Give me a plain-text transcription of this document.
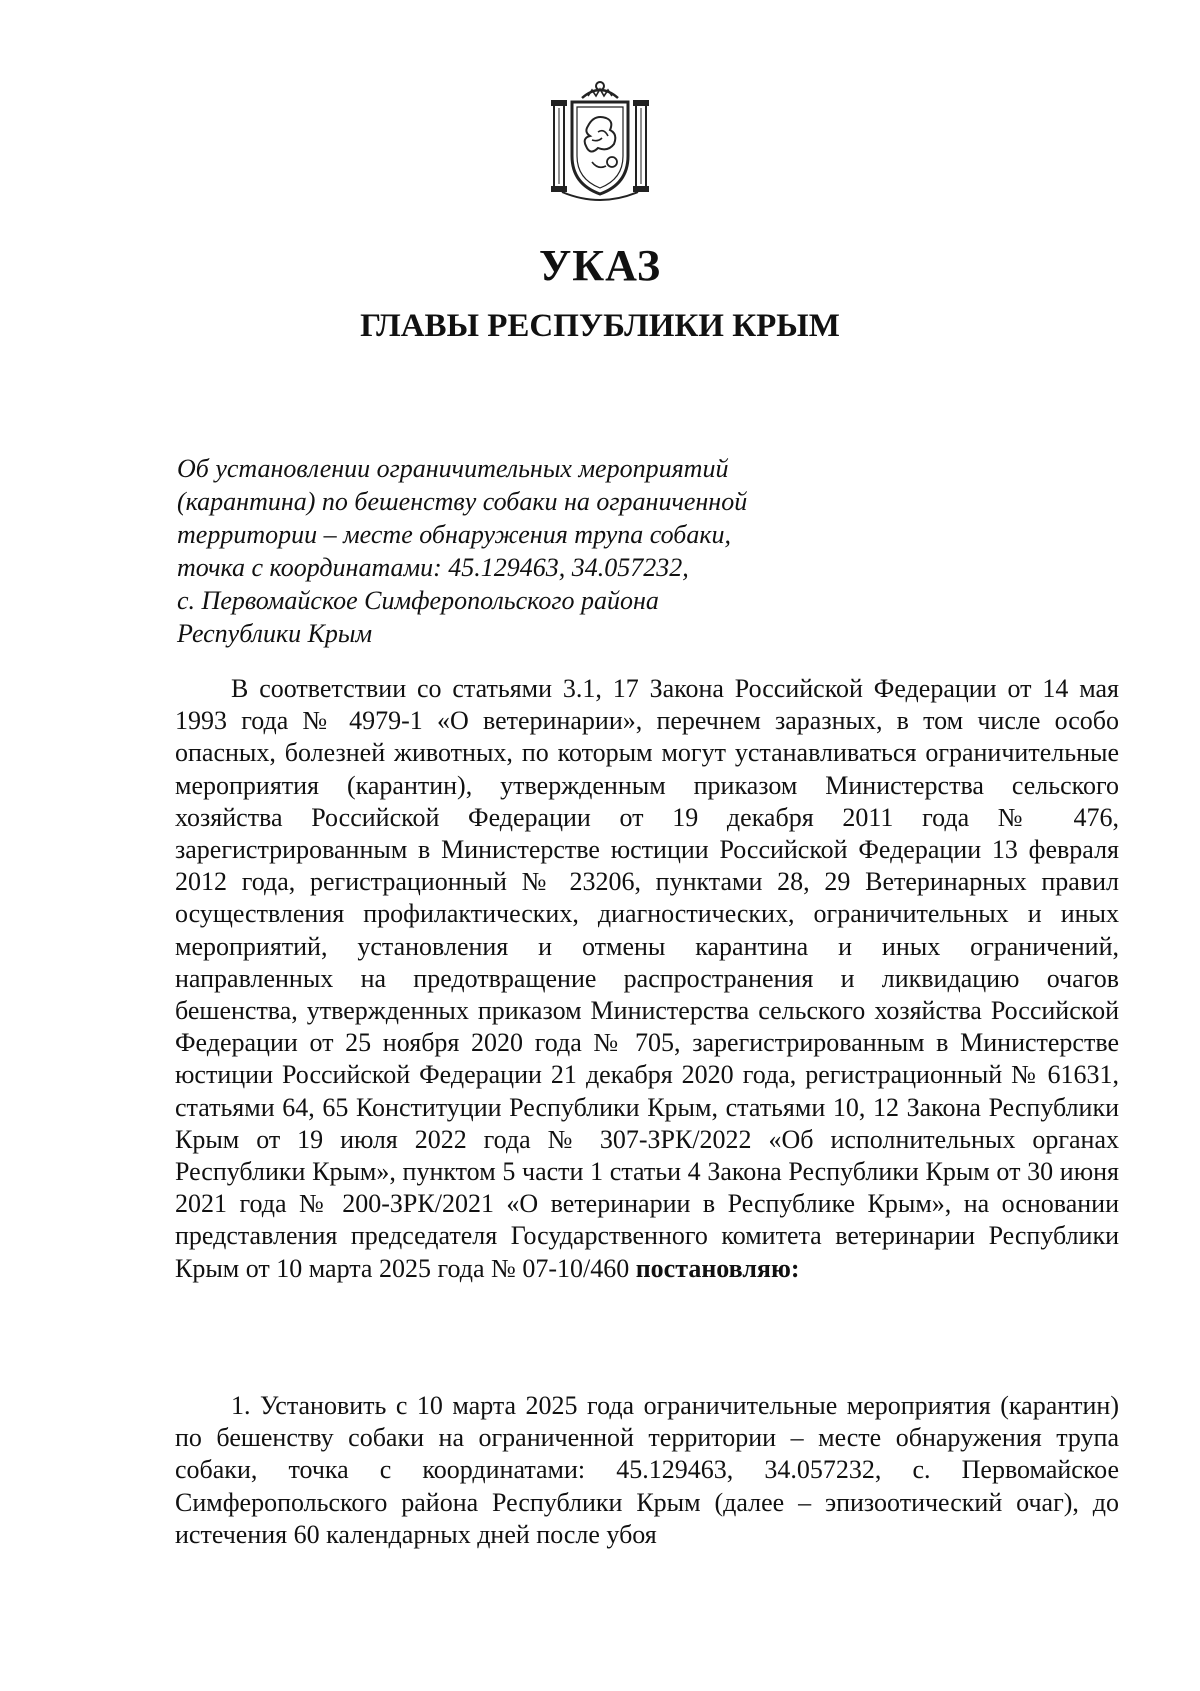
УКАЗ
ГЛАВЫ РЕСПУБЛИКИ КРЫМ
Об установлении ограничительных мероприятий
(карантина) по бешенству собаки на ограниченной
территории – месте обнаружения трупа собаки,
точка с координатами: 45.129463, 34.057232,
с. Первомайское Симферопольского района
Республики Крым

В соответствии со статьями 3.1, 17 Закона Российской Федерации от 14 мая 1993 года № 4979-1 «О ветеринарии», перечнем заразных, в том числе особо опасных, болезней животных, по которым могут устанавливаться ограничительные мероприятия (карантин), утвержденным приказом Министерства сельского хозяйства Российской Федерации от 19 декабря 2011 года № 476, зарегистрированным в Министерстве юстиции Российской Федерации 13 февраля 2012 года, регистрационный № 23206, пунктами 28, 29 Ветеринарных правил осуществления профилактических, диагностических, ограничительных и иных мероприятий, установления и отмены карантина и иных ограничений, направленных на предотвращение распространения и ликвидацию очагов бешенства, утвержденных приказом Министерства сельского хозяйства Российской Федерации от 25 ноября 2020 года № 705, зарегистрированным в Министерстве юстиции Российской Федерации 21 декабря 2020 года, регистрационный № 61631, статьями 64, 65 Конституции Республики Крым, статьями 10, 12 Закона Республики Крым от 19 июля 2022 года № 307-ЗРК/2022 «Об исполнительных органах Республики Крым», пунктом 5 части 1 статьи 4 Закона Республики Крым от 30 июня 2021 года № 200-ЗРК/2021 «О ветеринарии в Республике Крым», на основании представления председателя Государственного комитета ветеринарии Республики Крым от 10 марта 2025 года № 07-10/460 постановляю:

1. Установить с 10 марта 2025 года ограничительные мероприятия (карантин) по бешенству собаки на ограниченной территории – месте обнаружения трупа собаки, точка с координатами: 45.129463, 34.057232, с. Первомайское Симферопольского района Республики Крым (далее – эпизоотический очаг), до истечения 60 календарных дней после убоя
